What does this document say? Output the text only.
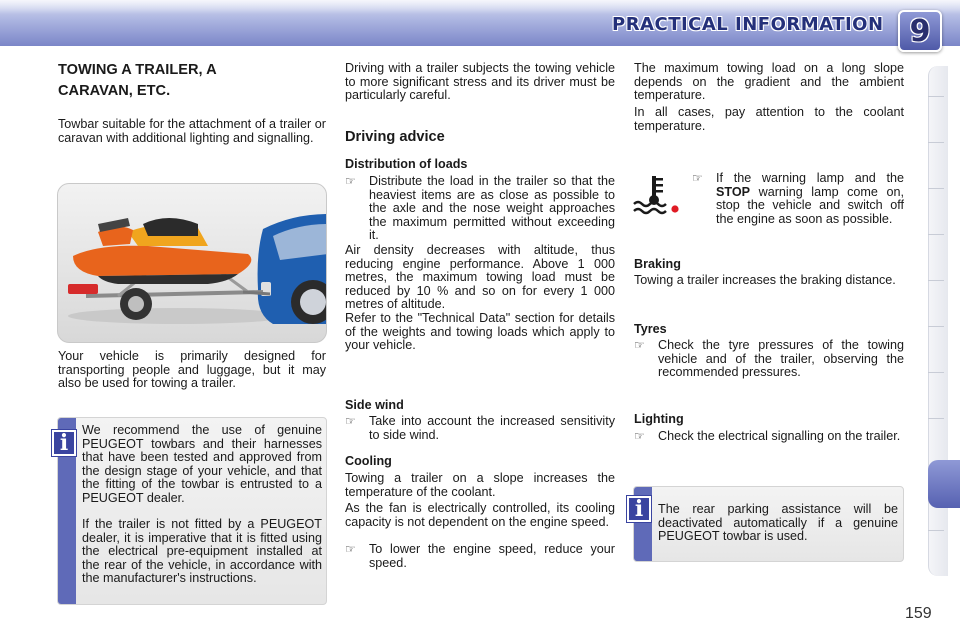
PRACTICAL INFORMATION 9
TOWING A TRAILER, A
CARAVAN, ETC.
Towbar suitable for the attachment of a trailer or caravan with additional lighting and signalling.
Your vehicle is primarily designed for transporting people and luggage, but it may also be used for towing a trailer.
We recommend the use of genuine PEUGEOT towbars and their harnesses that have been tested and approved from the design stage of your vehicle, and that the fitting of the towbar is entrusted to a PEUGEOT dealer.
If the trailer is not fitted by a PEUGEOT dealer, it is imperative that it is fitted using the electrical pre-equipment installed at the rear of the vehicle, in accordance with the manufacturer's instructions.
i
Driving with a trailer subjects the towing vehicle to more significant stress and its driver must be particularly careful.
Driving advice
Distribution of loads
☞ Distribute the load in the trailer so that the heaviest items are as close as possible to the axle and the nose weight approaches the maximum permitted without exceeding it.
Air density decreases with altitude, thus reducing engine performance. Above 1 000 metres, the maximum towing load must be reduced by 10 % and so on for every 1 000 metres of altitude.
Refer to the "Technical Data" section for details of the weights and towing loads which apply to your vehicle.
Side wind
☞ Take into account the increased sensitivity to side wind.
Cooling
Towing a trailer on a slope increases the temperature of the coolant.
As the fan is electrically controlled, its cooling capacity is not dependent on the engine speed.
☞ To lower the engine speed, reduce your speed.
The maximum towing load on a long slope depends on the gradient and the ambient temperature.
In all cases, pay attention to the coolant temperature.
☞ If the warning lamp and the STOP warning lamp come on, stop the vehicle and switch off the engine as soon as possible.
Braking
Towing a trailer increases the braking distance.
Tyres
☞ Check the tyre pressures of the towing vehicle and of the trailer, observing the recommended pressures.
Lighting
☞ Check the electrical signalling on the trailer.
The rear parking assistance will be deactivated automatically if a genuine PEUGEOT towbar is used.
i
159
